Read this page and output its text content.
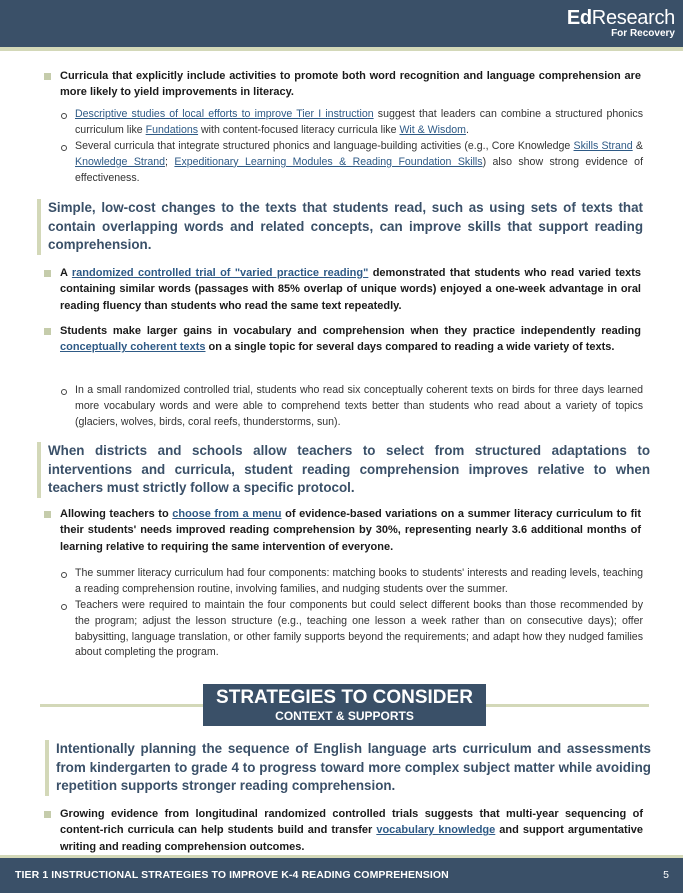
EdResearch
For Recovery
Curricula that explicitly include activities to promote both word recognition and language comprehension are more likely to yield improvements in literacy.
Descriptive studies of local efforts to improve Tier I instruction suggest that leaders can combine a structured phonics curriculum like Fundations with content-focused literacy curricula like Wit & Wisdom.
Several curricula that integrate structured phonics and language-building activities (e.g., Core Knowledge Skills Strand & Knowledge Strand; Expeditionary Learning Modules & Reading Foundation Skills) also show strong evidence of effectiveness.
Simple, low-cost changes to the texts that students read, such as using sets of texts that contain overlapping words and related concepts, can improve skills that support reading comprehension.
A randomized controlled trial of "varied practice reading" demonstrated that students who read varied texts containing similar words (passages with 85% overlap of unique words) enjoyed a one-week advantage in oral reading fluency than students who read the same text repeatedly.
Students make larger gains in vocabulary and comprehension when they practice independently reading conceptually coherent texts on a single topic for several days compared to reading a wide variety of texts.
In a small randomized controlled trial, students who read six conceptually coherent texts on birds for three days learned more vocabulary words and were able to comprehend texts better than students who read about a variety of topics (glaciers, wolves, birds, coral reefs, thunderstorms, sun).
When districts and schools allow teachers to select from structured adaptations to interventions and curricula, student reading comprehension improves relative to when teachers must strictly follow a specific protocol.
Allowing teachers to choose from a menu of evidence-based variations on a summer literacy curriculum to fit their students' needs improved reading comprehension by 30%, representing nearly 3.6 additional months of learning relative to requiring the same intervention of everyone.
The summer literacy curriculum had four components: matching books to students' interests and reading levels, teaching a reading comprehension routine, involving families, and nudging students over the summer.
Teachers were required to maintain the four components but could select different books than those recommended by the program; adjust the lesson structure (e.g., teaching one lesson a week rather than on consecutive days); offer babysitting, language translation, or other family supports beyond the requirements; and adapt how they nudged families about completing the program.
STRATEGIES TO CONSIDER
CONTEXT & SUPPORTS
Intentionally planning the sequence of English language arts curriculum and assessments from kindergarten to grade 4 to progress toward more complex subject matter while avoiding repetition supports stronger reading comprehension.
Growing evidence from longitudinal randomized controlled trials suggests that multi-year sequencing of content-rich curricula can help students build and transfer vocabulary knowledge and support argumentative writing and reading comprehension outcomes.
TIER 1 INSTRUCTIONAL STRATEGIES TO IMPROVE K-4 READING COMPREHENSION	5
